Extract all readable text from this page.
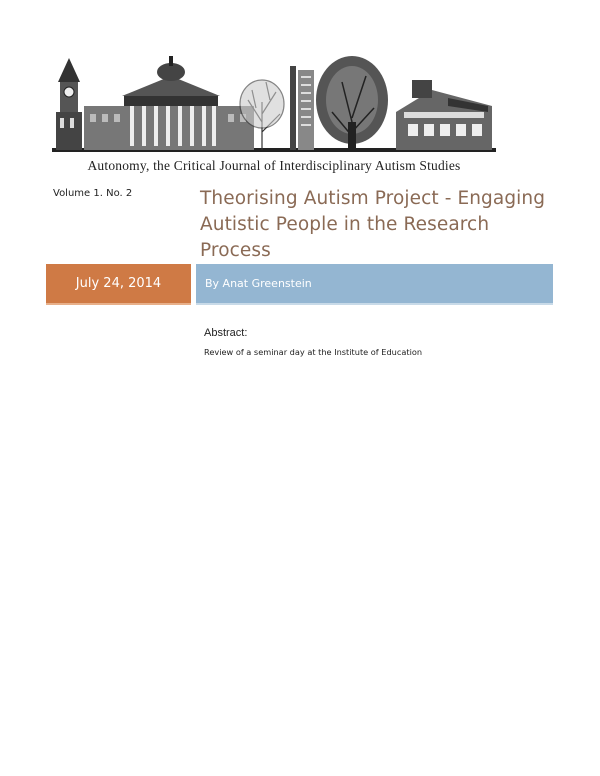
Autonomy, the Critical Journal of Interdisciplinary Autism Studies
Volume 1. No. 2	Theorising Autism Project - Engaging
Autistic People in the Research Process
July 24, 2014	By Anat Greenstein
Abstract:
Review of a seminar day at the Institute of Education
